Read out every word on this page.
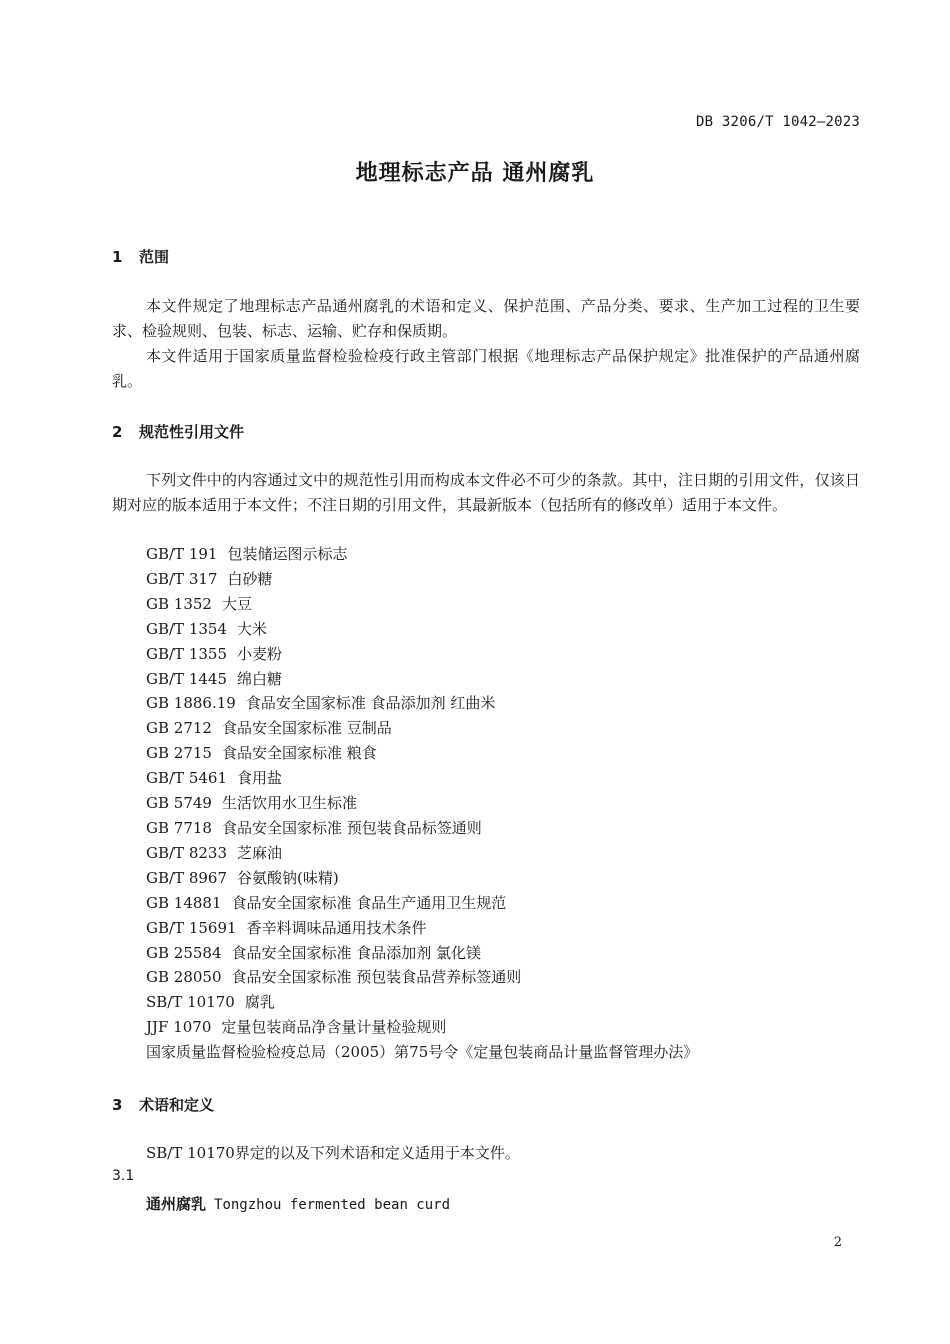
DB 3206/T 1042—2023
地理标志产品 通州腐乳
1 范围

本文件规定了地理标志产品通州腐乳的术语和定义、保护范围、产品分类、要求、生产加工过程的卫生要求、检验规则、包装、标志、运输、贮存和保质期。

本文件适用于国家质量监督检验检疫行政主管部门根据《地理标志产品保护规定》批准保护的产品通州腐乳。

2 规范性引用文件

下列文件中的内容通过文中的规范性引用而构成本文件必不可少的条款。其中，注日期的引用文件，仅该日期对应的版本适用于本文件；不注日期的引用文件，其最新版本（包括所有的修改单）适用于本文件。

GB/T 191 包装储运图示标志
GB/T 317 白砂糖
GB 1352 大豆
GB/T 1354 大米
GB/T 1355 小麦粉
GB/T 1445 绵白糖
GB 1886.19 食品安全国家标准 食品添加剂 红曲米
GB 2712 食品安全国家标准 豆制品
GB 2715 食品安全国家标准 粮食
GB/T 5461 食用盐
GB 5749 生活饮用水卫生标准
GB 7718 食品安全国家标准 预包装食品标签通则
GB/T 8233 芝麻油
GB/T 8967 谷氨酸钠(味精)
GB 14881 食品安全国家标准 食品生产通用卫生规范
GB/T 15691 香辛料调味品通用技术条件
GB 25584 食品安全国家标准 食品添加剂 氯化镁
GB 28050 食品安全国家标准 预包装食品营养标签通则
SB/T 10170 腐乳
JJF 1070 定量包装商品净含量计量检验规则
国家质量监督检验检疫总局（2005）第75号令《定量包装商品计量监督管理办法》
3 术语和定义

SB/T 10170界定的以及下列术语和定义适用于本文件。

3.1
通州腐乳 Tongzhou fermented bean curd
2
